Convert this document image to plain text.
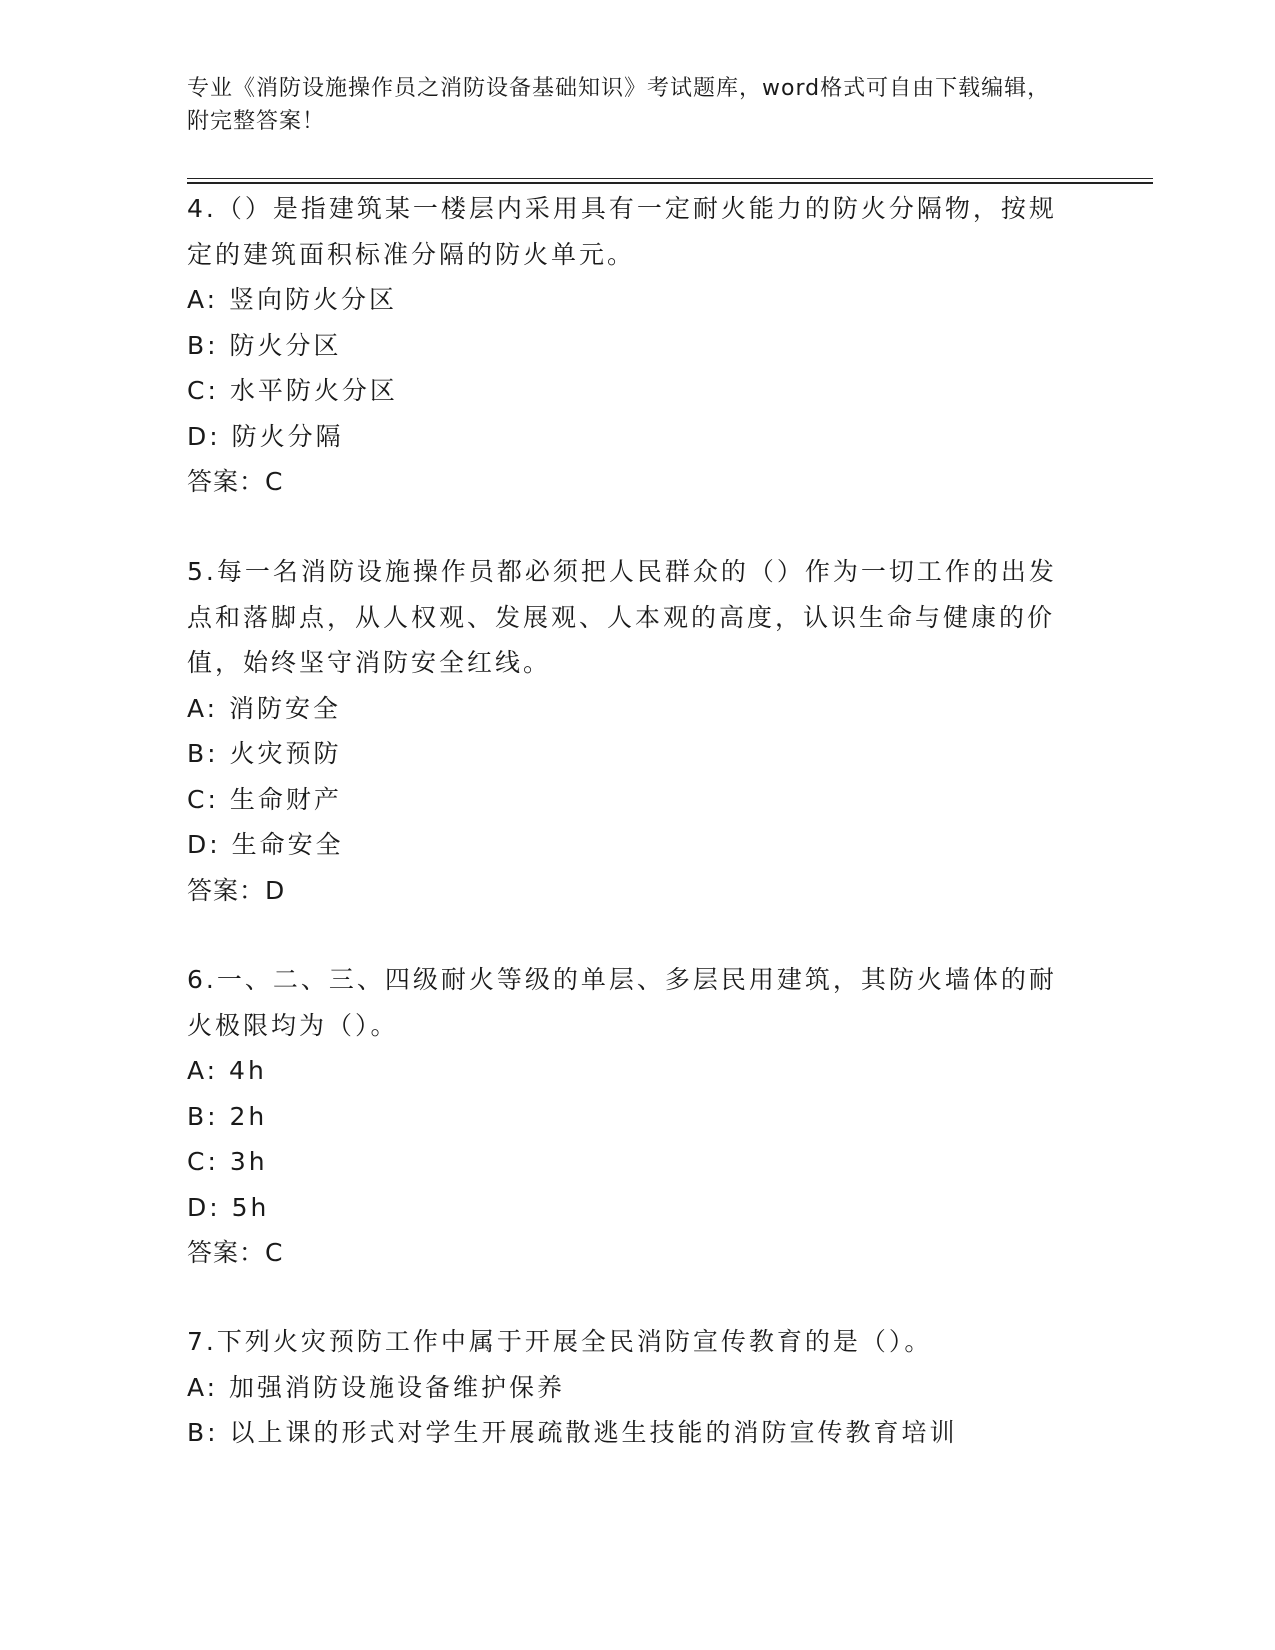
专业《消防设施操作员之消防设备基础知识》考试题库，word格式可自由下载编辑，附完整答案！
4.（）是指建筑某一楼层内采用具有一定耐火能力的防火分隔物，按规定的建筑面积标准分隔的防火单元。
A: 竖向防火分区
B: 防火分区
C: 水平防火分区
D: 防火分隔
答案：C
5.每一名消防设施操作员都必须把人民群众的（）作为一切工作的出发点和落脚点，从人权观、发展观、人本观的高度，认识生命与健康的价值，始终坚守消防安全红线。
A: 消防安全
B: 火灾预防
C: 生命财产
D: 生命安全
答案：D
6.一、二、三、四级耐火等级的单层、多层民用建筑，其防火墙体的耐火极限均为（）。
A: 4h
B: 2h
C: 3h
D: 5h
答案：C
7.下列火灾预防工作中属于开展全民消防宣传教育的是（）。
A: 加强消防设施设备维护保养
B: 以上课的形式对学生开展疏散逃生技能的消防宣传教育培训
